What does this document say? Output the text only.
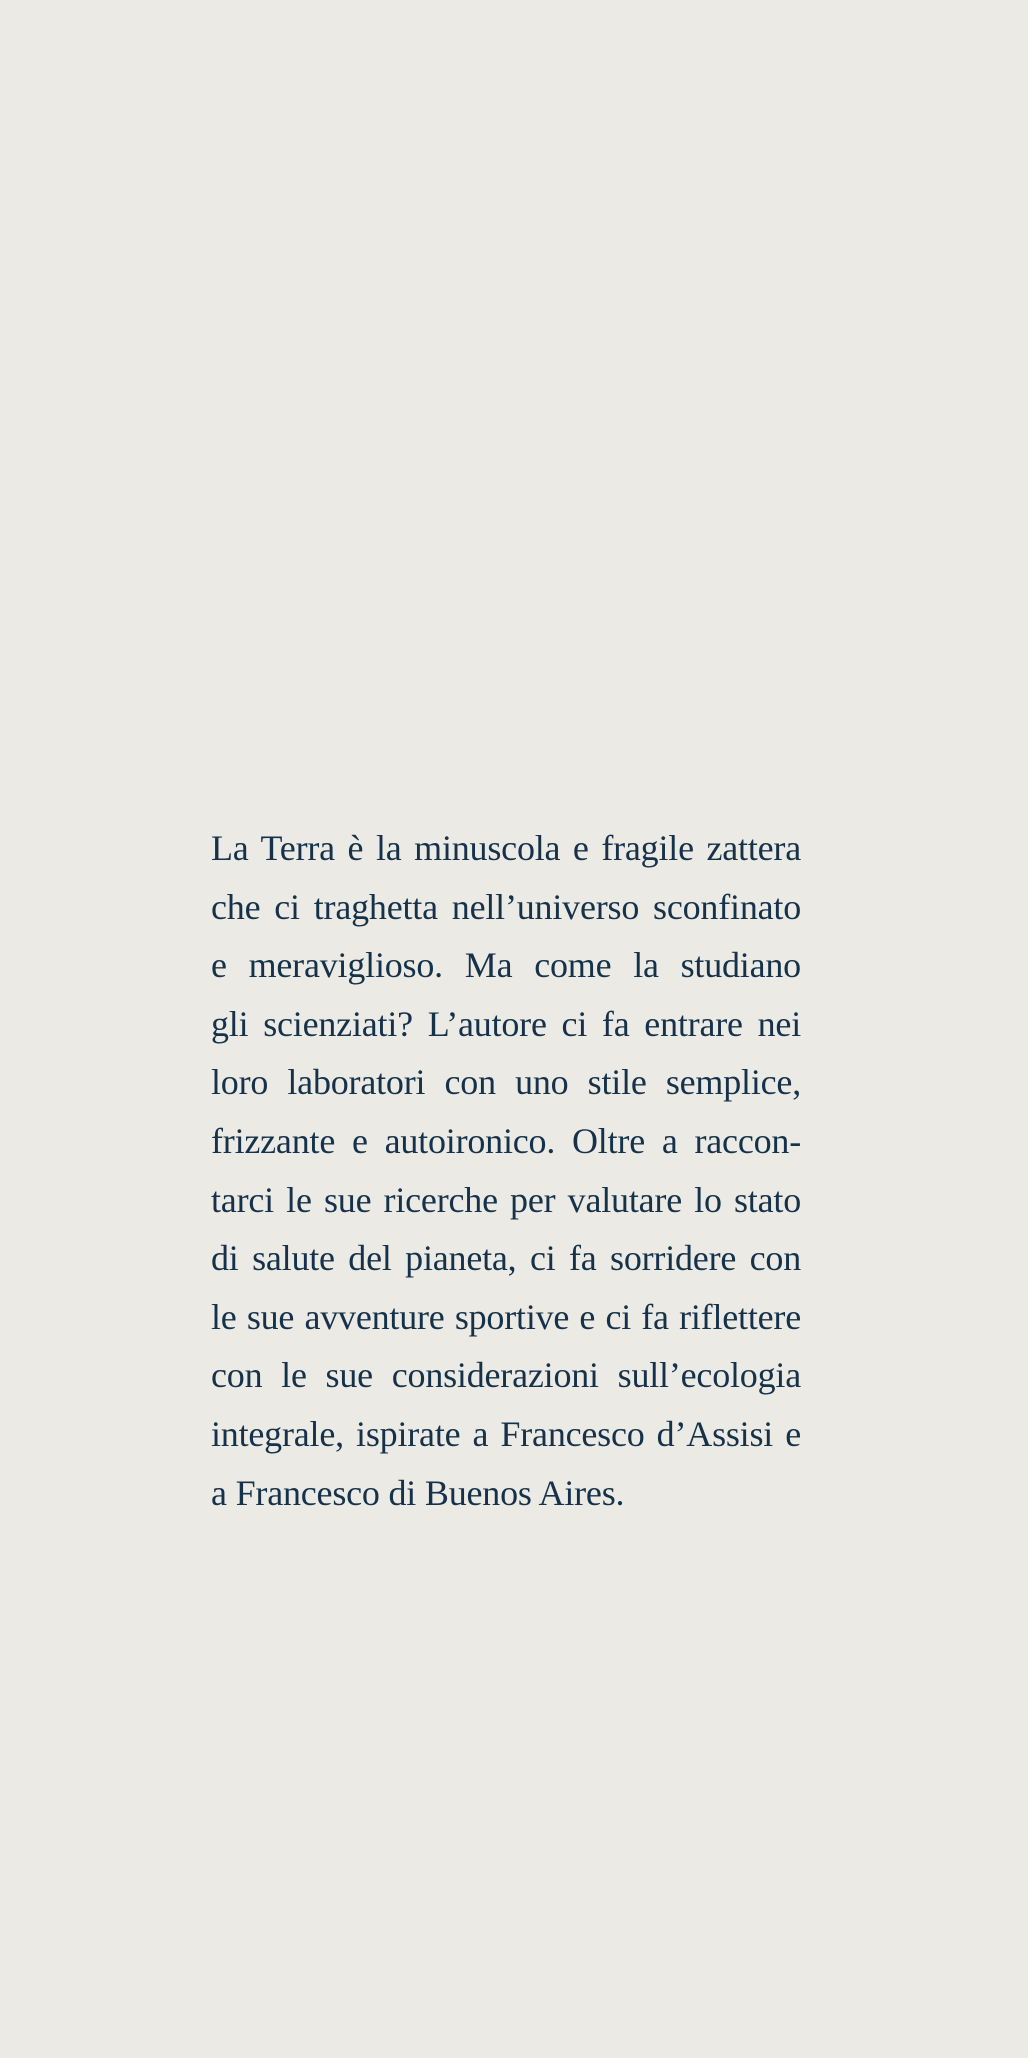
La Terra è la minuscola e fragile zattera
che ci traghetta nell’universo sconfinato
e meraviglioso. Ma come la studiano
gli scienziati? L’autore ci fa entrare nei
loro laboratori con uno stile semplice,
frizzante e autoironico. Oltre a raccon-
tarci le sue ricerche per valutare lo stato
di salute del pianeta, ci fa sorridere con
le sue avventure sportive e ci fa riflettere
con le sue considerazioni sull’ecologia
integrale, ispirate a Francesco d’Assisi e
a Francesco di Buenos Aires.
